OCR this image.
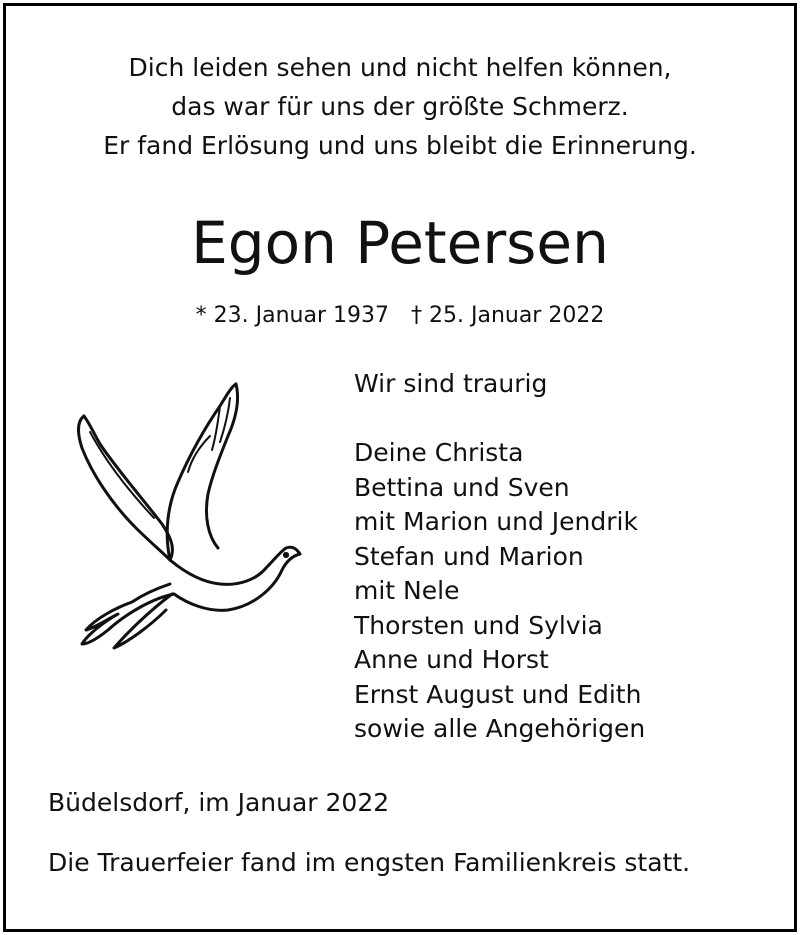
Dich leiden sehen und nicht helfen können,
das war für uns der größte Schmerz.
Er fand Erlösung und uns bleibt die Erinnerung.
Egon Petersen
* 23. Januar 1937 † 25. Januar 2022
Wir sind traurig
Deine Christa
Bettina und Sven
mit Marion und Jendrik
Stefan und Marion
mit Nele
Thorsten und Sylvia
Anne und Horst
Ernst August und Edith
sowie alle Angehörigen
Büdelsdorf, im Januar 2022
Die Trauerfeier fand im engsten Familienkreis statt.
